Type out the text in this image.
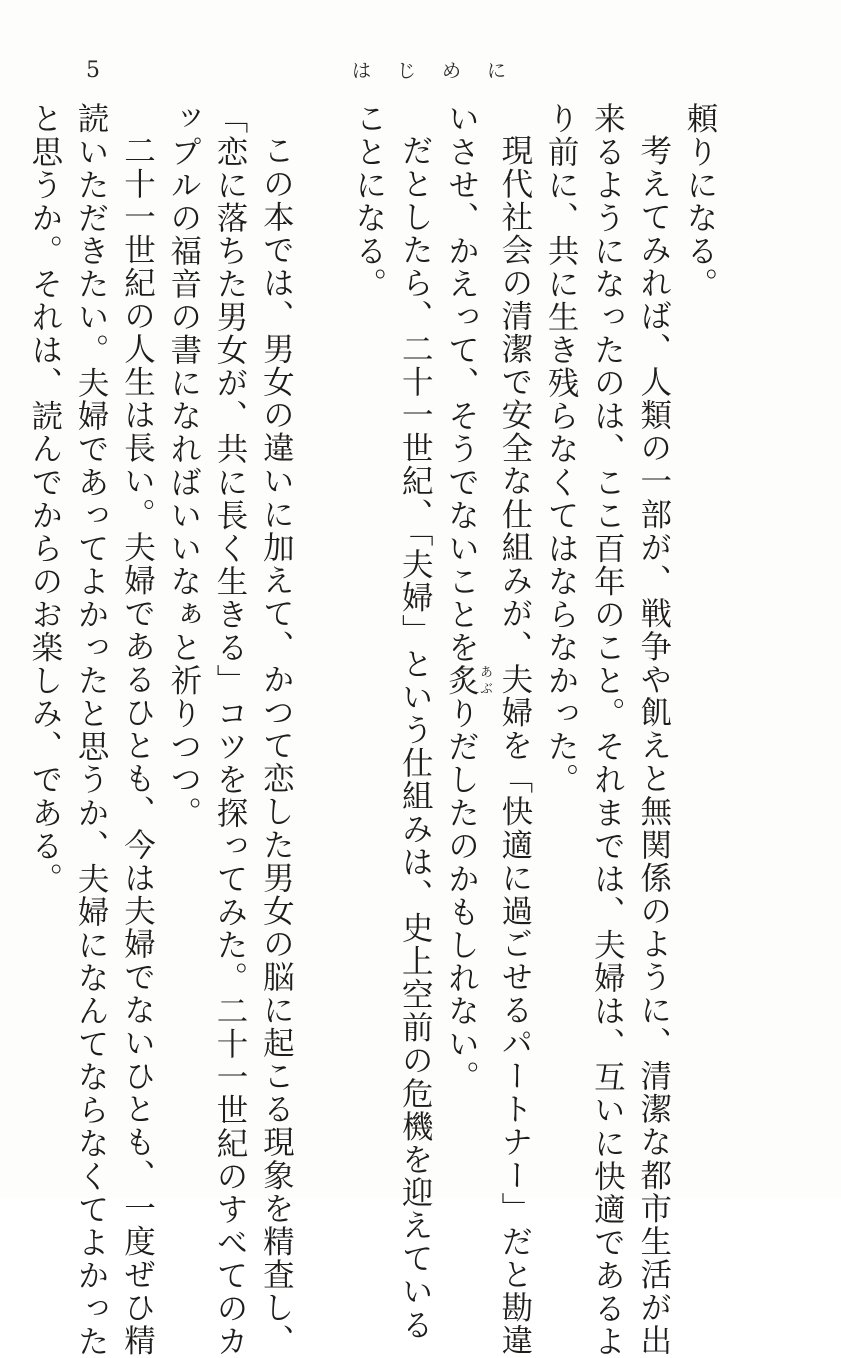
5	はじめに

頼りになる。

考えてみれば、人類の一部が、戦争や飢えと無関係のように、清潔な都市生活が出

来るようになったのは、ここ百年のこと。それまでは、夫婦は、互いに快適であるよ

り前に、共に生き残らなくてはならなかった。

現代社会の清潔で安全な仕組みが、夫婦を「快適に過ごせるパートナー」だと勘違

いさせ、かえって、そうでないことを炙あぶりだしたのかもしれない。

だとしたら、二十一世紀、「夫婦」という仕組みは、史上空前の危機を迎えている

ことになる。

この本では、男女の違いに加えて、かつて恋した男女の脳に起こる現象を精査し、

「恋に落ちた男女が、共に長く生きる」コツを探ってみた。二十一世紀のすべてのカ

ップルの福音の書になればいいなぁと祈りつつ。

二十一世紀の人生は長い。夫婦であるひとも、今は夫婦でないひとも、一度ぜひ精

読いただきたい。夫婦であってよかったと思うか、夫婦になんてならなくてよかった

と思うか。それは、読んでからのお楽しみ、である。
